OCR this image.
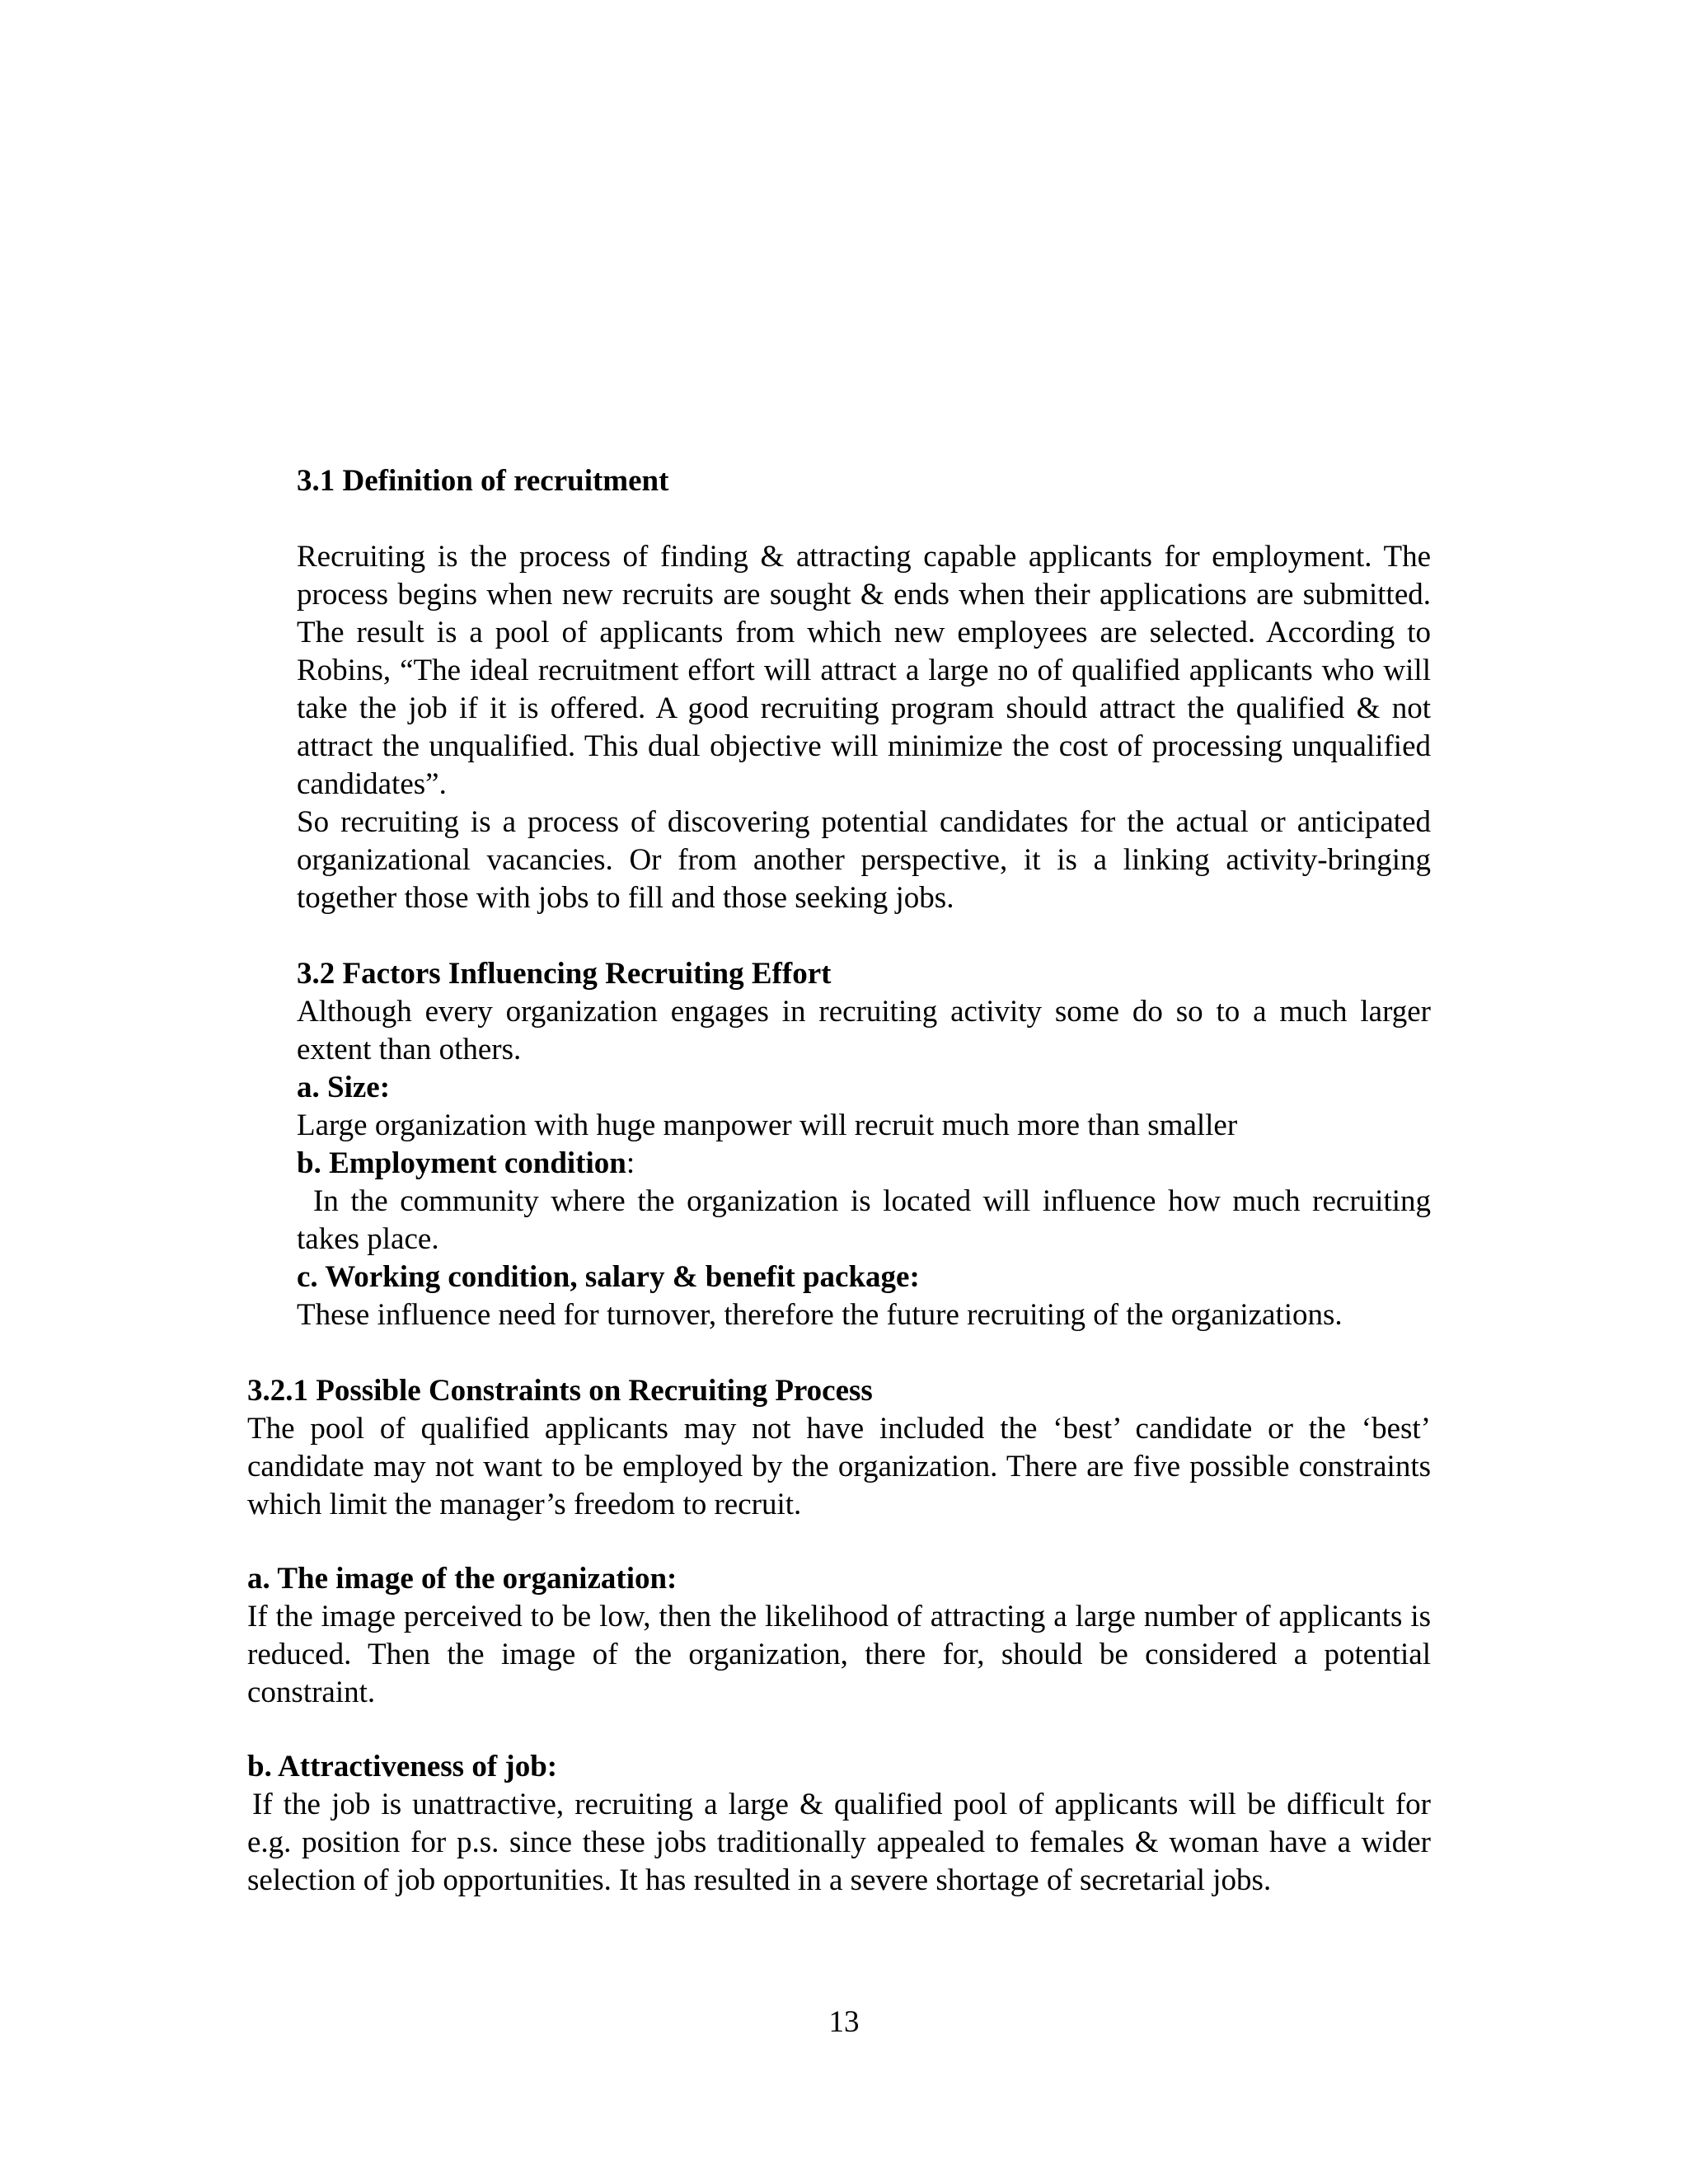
3.1 Definition of recruitment

Recruiting is the process of finding & attracting capable applicants for employment. The process begins when new recruits are sought & ends when their applications are submitted. The result is a pool of applicants from which new employees are selected. According to Robins, “The ideal recruitment effort will attract a large no of qualified applicants who will take the job if it is offered. A good recruiting program should attract the qualified & not attract the unqualified. This dual objective will minimize the cost of processing unqualified candidates”.

So recruiting is a process of discovering potential candidates for the actual or anticipated organizational vacancies. Or from another perspective, it is a linking activity-bringing together those with jobs to fill and those seeking jobs.

3.2 Factors Influencing Recruiting Effort

Although every organization engages in recruiting activity some do so to a much larger extent than others.

a. Size:

Large organization with huge manpower will recruit much more than smaller

b. Employment condition:

In the community where the organization is located will influence how much recruiting takes place.

c. Working condition, salary & benefit package:

These influence need for turnover, therefore the future recruiting of the organizations.

3.2.1 Possible Constraints on Recruiting Process

The pool of qualified applicants may not have included the ‘best’ candidate or the ‘best’ candidate may not want to be employed by the organization. There are five possible constraints which limit the manager’s freedom to recruit.

a. The image of the organization:

If the image perceived to be low, then the likelihood of attracting a large number of applicants is reduced. Then the image of the organization, there for, should be considered a potential constraint.

b. Attractiveness of job:

If the job is unattractive, recruiting a large & qualified pool of applicants will be difficult for e.g. position for p.s. since these jobs traditionally appealed to females & woman have a wider selection of job opportunities. It has resulted in a severe shortage of secretarial jobs.

13
